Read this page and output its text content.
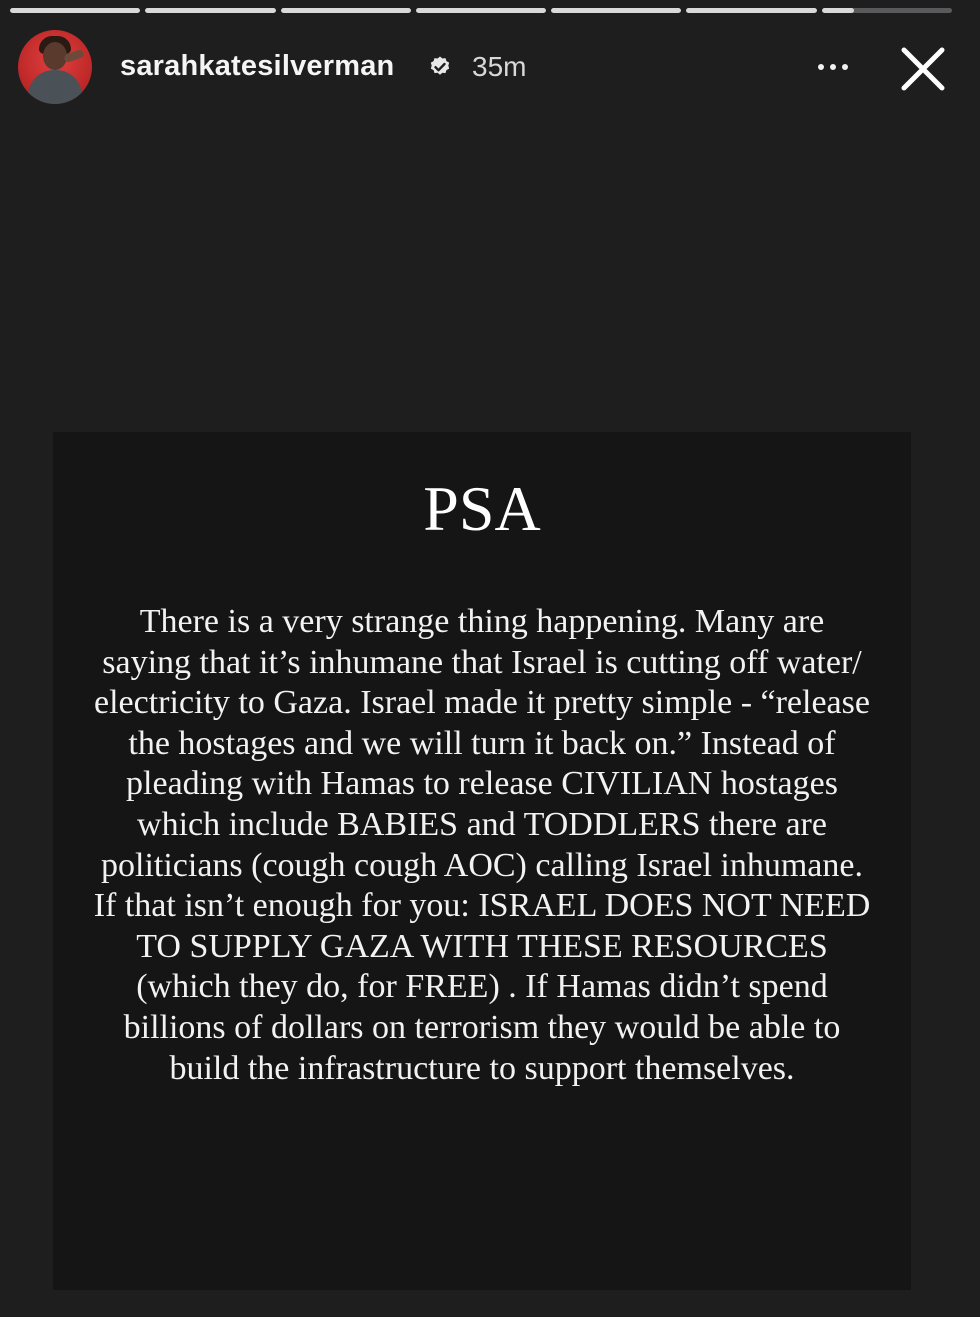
sarahkatesilverman	35m
PSA
There is a very strange thing happening. Many are saying that it’s inhumane that Israel is cutting off water/ electricity to Gaza. Israel made it pretty simple - “release the hostages and we will turn it back on.” Instead of pleading with Hamas to release CIVILIAN hostages which include BABIES and TODDLERS there are politicians (cough cough AOC) calling Israel inhumane. If that isn’t enough for you: ISRAEL DOES NOT NEED TO SUPPLY GAZA WITH THESE RESOURCES (which they do, for FREE) . If Hamas didn’t spend billions of dollars on terrorism they would be able to build the infrastructure to support themselves.
